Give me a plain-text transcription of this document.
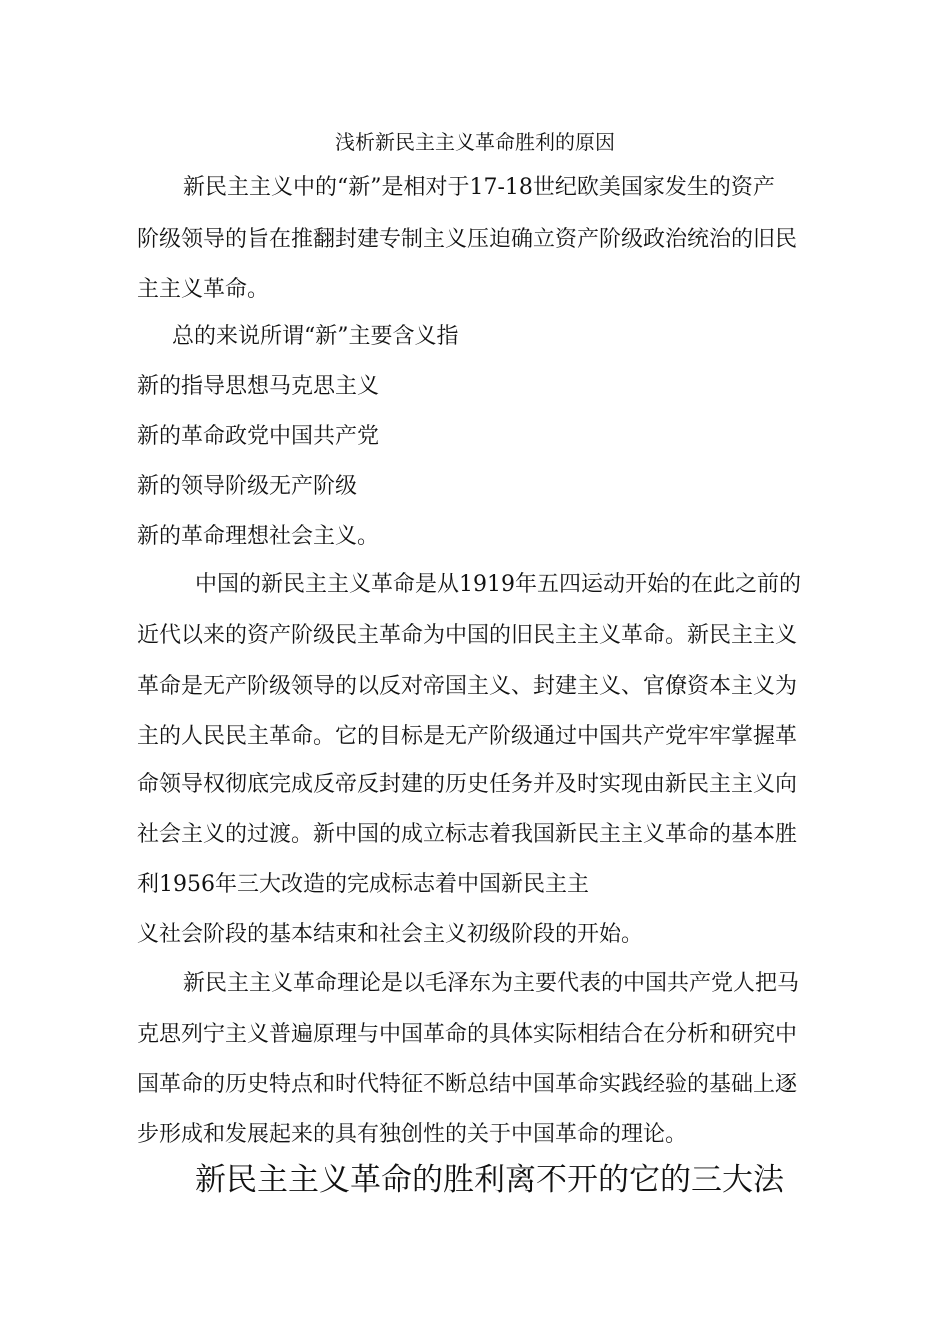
浅析新民主主义革命胜利的原因

新民主主义中的“新”是相对于17-18世纪欧美国家发生的资产

阶级领导的旨在推翻封建专制主义压迫确立资产阶级政治统治的旧民

主主义革命。

总的来说所谓“新”主要含义指

新的指导思想马克思主义

新的革命政党中国共产党

新的领导阶级无产阶级

新的革命理想社会主义。

中国的新民主主义革命是从1919年五四运动开始的在此之前的

近代以来的资产阶级民主革命为中国的旧民主主义革命。新民主主义

革命是无产阶级领导的以反对帝国主义、封建主义、官僚资本主义为

主的人民民主革命。它的目标是无产阶级通过中国共产党牢牢掌握革

命领导权彻底完成反帝反封建的历史任务并及时实现由新民主主义向

社会主义的过渡。新中国的成立标志着我国新民主主义革命的基本胜

利1956年三大改造的完成标志着中国新民主主

义社会阶段的基本结束和社会主义初级阶段的开始。

新民主主义革命理论是以毛泽东为主要代表的中国共产党人把马

克思列宁主义普遍原理与中国革命的具体实际相结合在分析和研究中

国革命的历史特点和时代特征不断总结中国革命实践经验的基础上逐

步形成和发展起来的具有独创性的关于中国革命的理论。

新民主主义革命的胜利离不开的它的三大法
